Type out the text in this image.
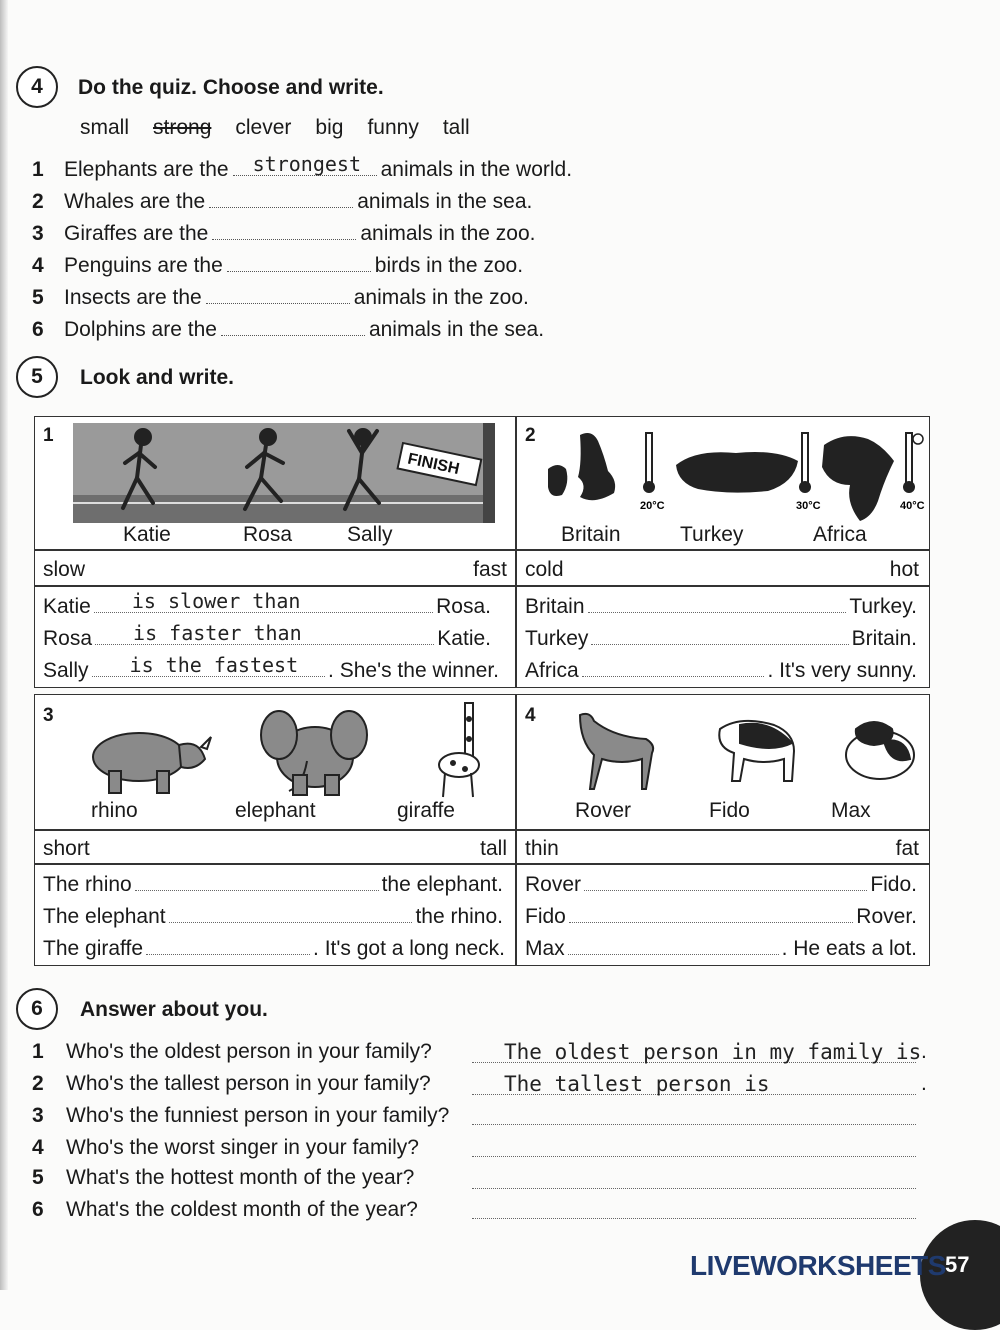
4	Do the quiz. Choose and write.
small strong clever big funny tall
1 Elephants are the strongest animals in the world.
2 Whales are the	animals in the sea.
3 Giraffes are the	animals in the zoo.
4 Penguins are the	birds in the zoo.
5 Insects are the	animals in the zoo.
6 Dolphins are the	animals in the sea.
5	Look and write.
1
FINISH
Katie	Rosa	Sally
slow	fast
Katie is slower than	Rosa.
Rosa is faster than	Katie.
Sally is the fastest . She's the winner.
2
20°C	30°C	40°C
Britain	Turkey	Africa
cold	hot
Britain	Turkey.
Turkey	Britain.
Africa	. It's very sunny.
3
rhino	elephant	giraffe
short	tall
The rhino	the elephant.
The elephant	the rhino.
The giraffe	. It's got a long neck.
4
Rover	Fido	Max
thin	fat
Rover	Fido.
Fido	Rover.
Max	. He eats a lot.
6	Answer about you.
1	Who's the oldest person in your family?	The oldest person in my family is .
2	Who's the tallest person in your family?	The tallest person is	.
3	Who's the funniest person in your family?
4	Who's the worst singer in your family?
5	What's the hottest month of the year?
6	What's the coldest month of the year?
LIVEWORKSHEETS 57
